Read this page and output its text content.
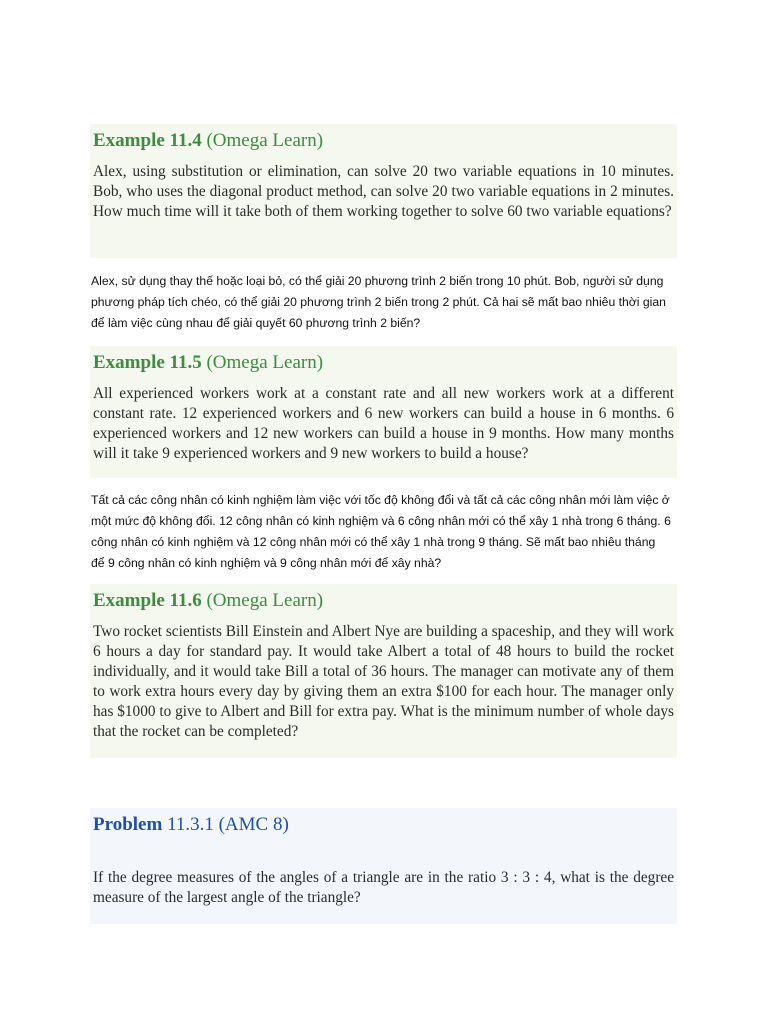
Example 11.4 (Omega Learn)

Alex, using substitution or elimination, can solve 20 two variable equations in 10 minutes. Bob, who uses the diagonal product method, can solve 20 two variable equations in 2 minutes. How much time will it take both of them working together to solve 60 two variable equations?

Alex, sử dụng thay thế hoặc loại bỏ, có thể giải 20 phương trình 2 biến trong 10 phút. Bob, người sử dụng phương pháp tích chéo, có thể giải 20 phương trình 2 biến trong 2 phút. Cả hai sẽ mất bao nhiêu thời gian để làm việc cùng nhau để giải quyết 60 phương trình 2 biến?

Example 11.5 (Omega Learn)

All experienced workers work at a constant rate and all new workers work at a different constant rate. 12 experienced workers and 6 new workers can build a house in 6 months. 6 experienced workers and 12 new workers can build a house in 9 months. How many months will it take 9 experienced workers and 9 new workers to build a house?

Tất cả các công nhân có kinh nghiệm làm việc với tốc độ không đổi và tất cả các công nhân mới làm việc ở một mức độ không đổi. 12 công nhân có kinh nghiệm và 6 công nhân mới có thể xây 1 nhà trong 6 tháng. 6 công nhân có kinh nghiệm và 12 công nhân mới có thể xây 1 nhà trong 9 tháng. Sẽ mất bao nhiêu tháng để 9 công nhân có kinh nghiệm và 9 công nhân mới để xây nhà?

Example 11.6 (Omega Learn)

Two rocket scientists Bill Einstein and Albert Nye are building a spaceship, and they will work 6 hours a day for standard pay. It would take Albert a total of 48 hours to build the rocket individually, and it would take Bill a total of 36 hours. The manager can motivate any of them to work extra hours every day by giving them an extra $100 for each hour. The manager only has $1000 to give to Albert and Bill for extra pay. What is the minimum number of whole days that the rocket can be completed?

Problem 11.3.1 (AMC 8)

If the degree measures of the angles of a triangle are in the ratio 3 : 3 : 4, what is the degree measure of the largest angle of the triangle?
